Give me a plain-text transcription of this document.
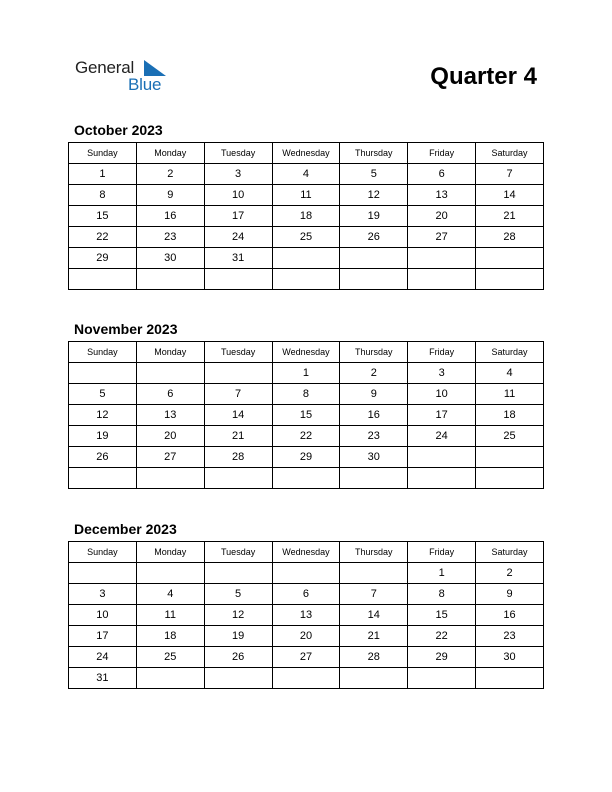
General
Blue	Quarter 4
October 2023
Sunday	Monday	Tuesday	Wednesday	Thursday	Friday	Saturday
1	2	3	4	5	6	7
8	9	10	11	12	13	14
15	16	17	18	19	20	21
22	23	24	25	26	27	28
29	30	31				

November 2023
Sunday	Monday	Tuesday	Wednesday	Thursday	Friday	Saturday
			1	2	3	4
5	6	7	8	9	10	11
12	13	14	15	16	17	18
19	20	21	22	23	24	25
26	27	28	29	30		

December 2023
Sunday	Monday	Tuesday	Wednesday	Thursday	Friday	Saturday
					1	2
3	4	5	6	7	8	9
10	11	12	13	14	15	16
17	18	19	20	21	22	23
24	25	26	27	28	29	30
31						
